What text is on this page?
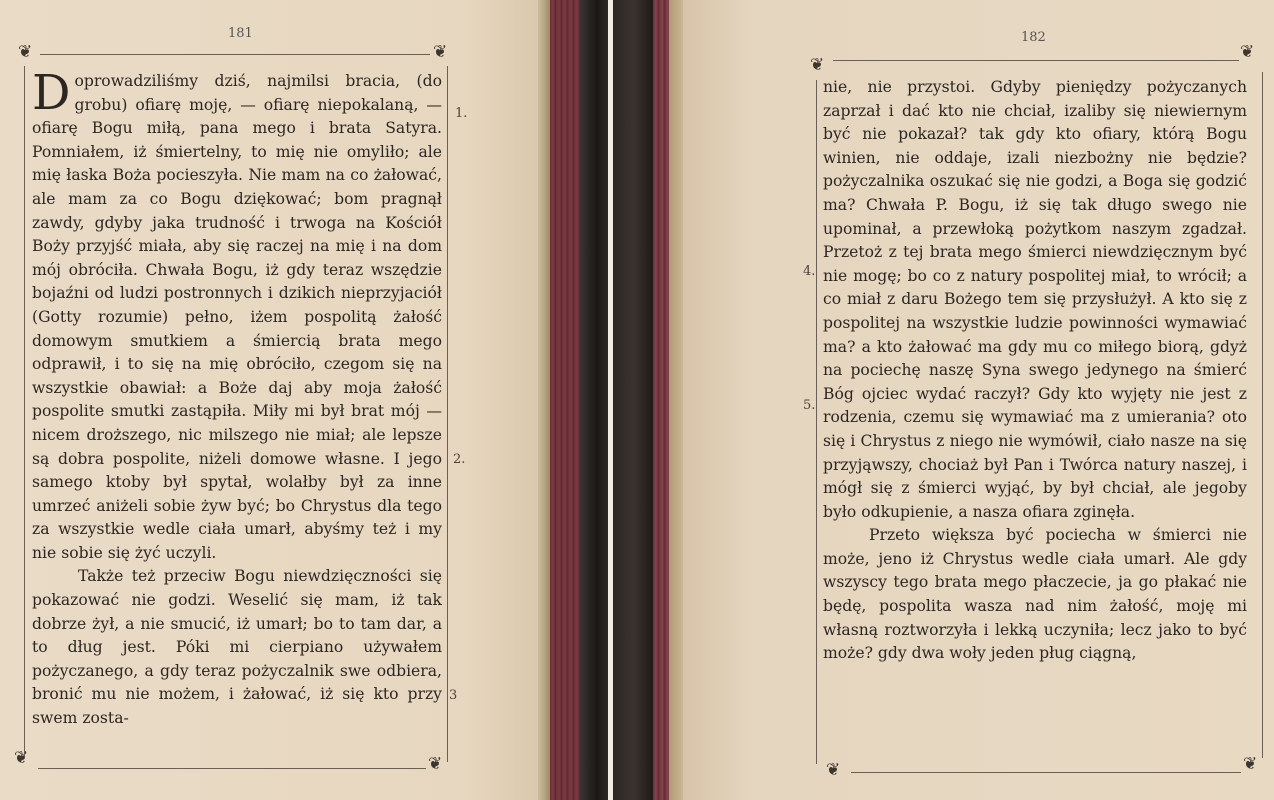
181
❦	❦
❦	❦

Doprowadziliśmy dziś, najmilsi bracia, (do grobu) ofiarę moję, — ofiarę niepokalaną, — ofiarę Bogu miłą, pana mego i brata Satyra. Pomniałem, iż śmiertelny, to mię nie omyliło; ale mię łaska Boża pocieszyła. Nie mam na co żałować, ale mam za co Bogu dziękować; bom pragnął zawdy, gdyby jaka trudność i trwoga na Kościół Boży przyjść miała, aby się raczej na mię i na dom mój obróciła. Chwała Bogu, iż gdy teraz wszędzie bojaźni od ludzi postronnych i dzikich nieprzyjaciół (Gotty rozumie) pełno, iżem pospolitą żałość domowym smutkiem a śmiercią brata mego odprawił, i to się na mię obróciło, czegom się na wszystkie obawiał: a Boże daj aby moja żałość pospolite smutki zastąpiła. Miły mi był brat mój — nicem droższego, nic milszego nie miał; ale lepsze są dobra pospolite, niżeli domowe własne. I jego samego ktoby był spytał, wolałby był za inne umrzeć aniżeli sobie żyw być; bo Chrystus dla tego za wszystkie wedle ciała umarł, abyśmy też i my nie sobie się żyć uczyli.

Także też przeciw Bogu niewdzięczności się pokazować nie godzi. Weselić się mam, iż tak dobrze żył, a nie smucić, iż umarł; bo to tam dar, a to dług jest. Póki mi cierpiano używałem pożyczanego, a gdy teraz pożyczalnik swe odbiera, bronić mu nie możem, i żałować, iż się kto przy swem zosta-

1.
2.
3
182
❦
❦
❦	❦

nie, nie przystoi. Gdyby pieniędzy pożyczanych zaprzał i dać kto nie chciał, izaliby się niewiernym być nie pokazał? tak gdy kto ofiary, którą Bogu winien, nie oddaje, izali niezbożny nie będzie? pożyczalnika oszukać się nie godzi, a Boga się godzić ma? Chwała P. Bogu, iż się tak długo swego nie upominał, a przewłoką pożytkom naszym zgadzał. Przetoż z tej brata mego śmierci niewdzięcznym być nie mogę; bo co z natury pospolitej miał, to wrócił; a co miał z daru Bożego tem się przysłużył. A kto się z pospolitej na wszystkie ludzie powinności wymawiać ma? a kto żałować ma gdy mu co miłego biorą, gdyż na pociechę naszę Syna swego jedynego na śmierć Bóg ojciec wydać raczył? Gdy kto wyjęty nie jest z rodzenia, czemu się wymawiać ma z umierania? oto się i Chrystus z niego nie wymówił, ciało nasze na się przyjąwszy, chociaż był Pan i Twórca natury naszej, i mógł się z śmierci wyjąć, by był chciał, ale jegoby było odkupienie, a nasza ofiara zginęła.

Przeto większa być pociecha w śmierci nie może, jeno iż Chrystus wedle ciała umarł. Ale gdy wszyscy tego brata mego płaczecie, ja go płakać nie będę, pospolita wasza nad nim żałość, moję mi własną roztworzyła i lekką uczyniła; lecz jako to być może? gdy dwa woły jeden pług ciągną,

4.
5.
